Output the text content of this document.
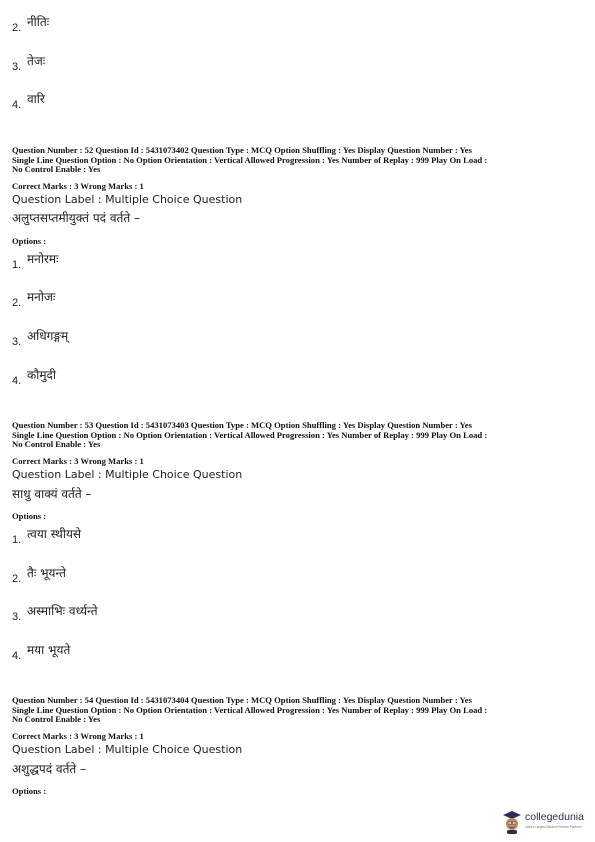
2. नीतिः
3. तेजः
4. वारि
Question Number : 52 Question Id : 5431073402 Question Type : MCQ Option Shuffling : Yes Display Question Number : Yes
Single Line Question Option : No Option Orientation : Vertical Allowed Progression : Yes Number of Replay : 999 Play On Load :
No Control Enable : Yes
Correct Marks : 3 Wrong Marks : 1
Question Label : Multiple Choice Question
अलुप्तसप्तमीयुक्तं पदं वर्तते –
Options :
1. मनोरमः
2. मनोजः
3. अधिगङ्गम्
4. कौमुदी
Question Number : 53 Question Id : 5431073403 Question Type : MCQ Option Shuffling : Yes Display Question Number : Yes
Single Line Question Option : No Option Orientation : Vertical Allowed Progression : Yes Number of Replay : 999 Play On Load :
No Control Enable : Yes
Correct Marks : 3 Wrong Marks : 1
Question Label : Multiple Choice Question
साधु वाक्यं वर्तते –
Options :
1. त्वया स्थीयसे
2. तैः भूयन्ते
3. अस्माभिः वर्ध्यन्ते
4. मया भूयते
Question Number : 54 Question Id : 5431073404 Question Type : MCQ Option Shuffling : Yes Display Question Number : Yes
Single Line Question Option : No Option Orientation : Vertical Allowed Progression : Yes Number of Replay : 999 Play On Load :
No Control Enable : Yes
Correct Marks : 3 Wrong Marks : 1
Question Label : Multiple Choice Question
अशुद्धपदं वर्तते –
Options :
collegedunia
India's Largest Student Review Platform
